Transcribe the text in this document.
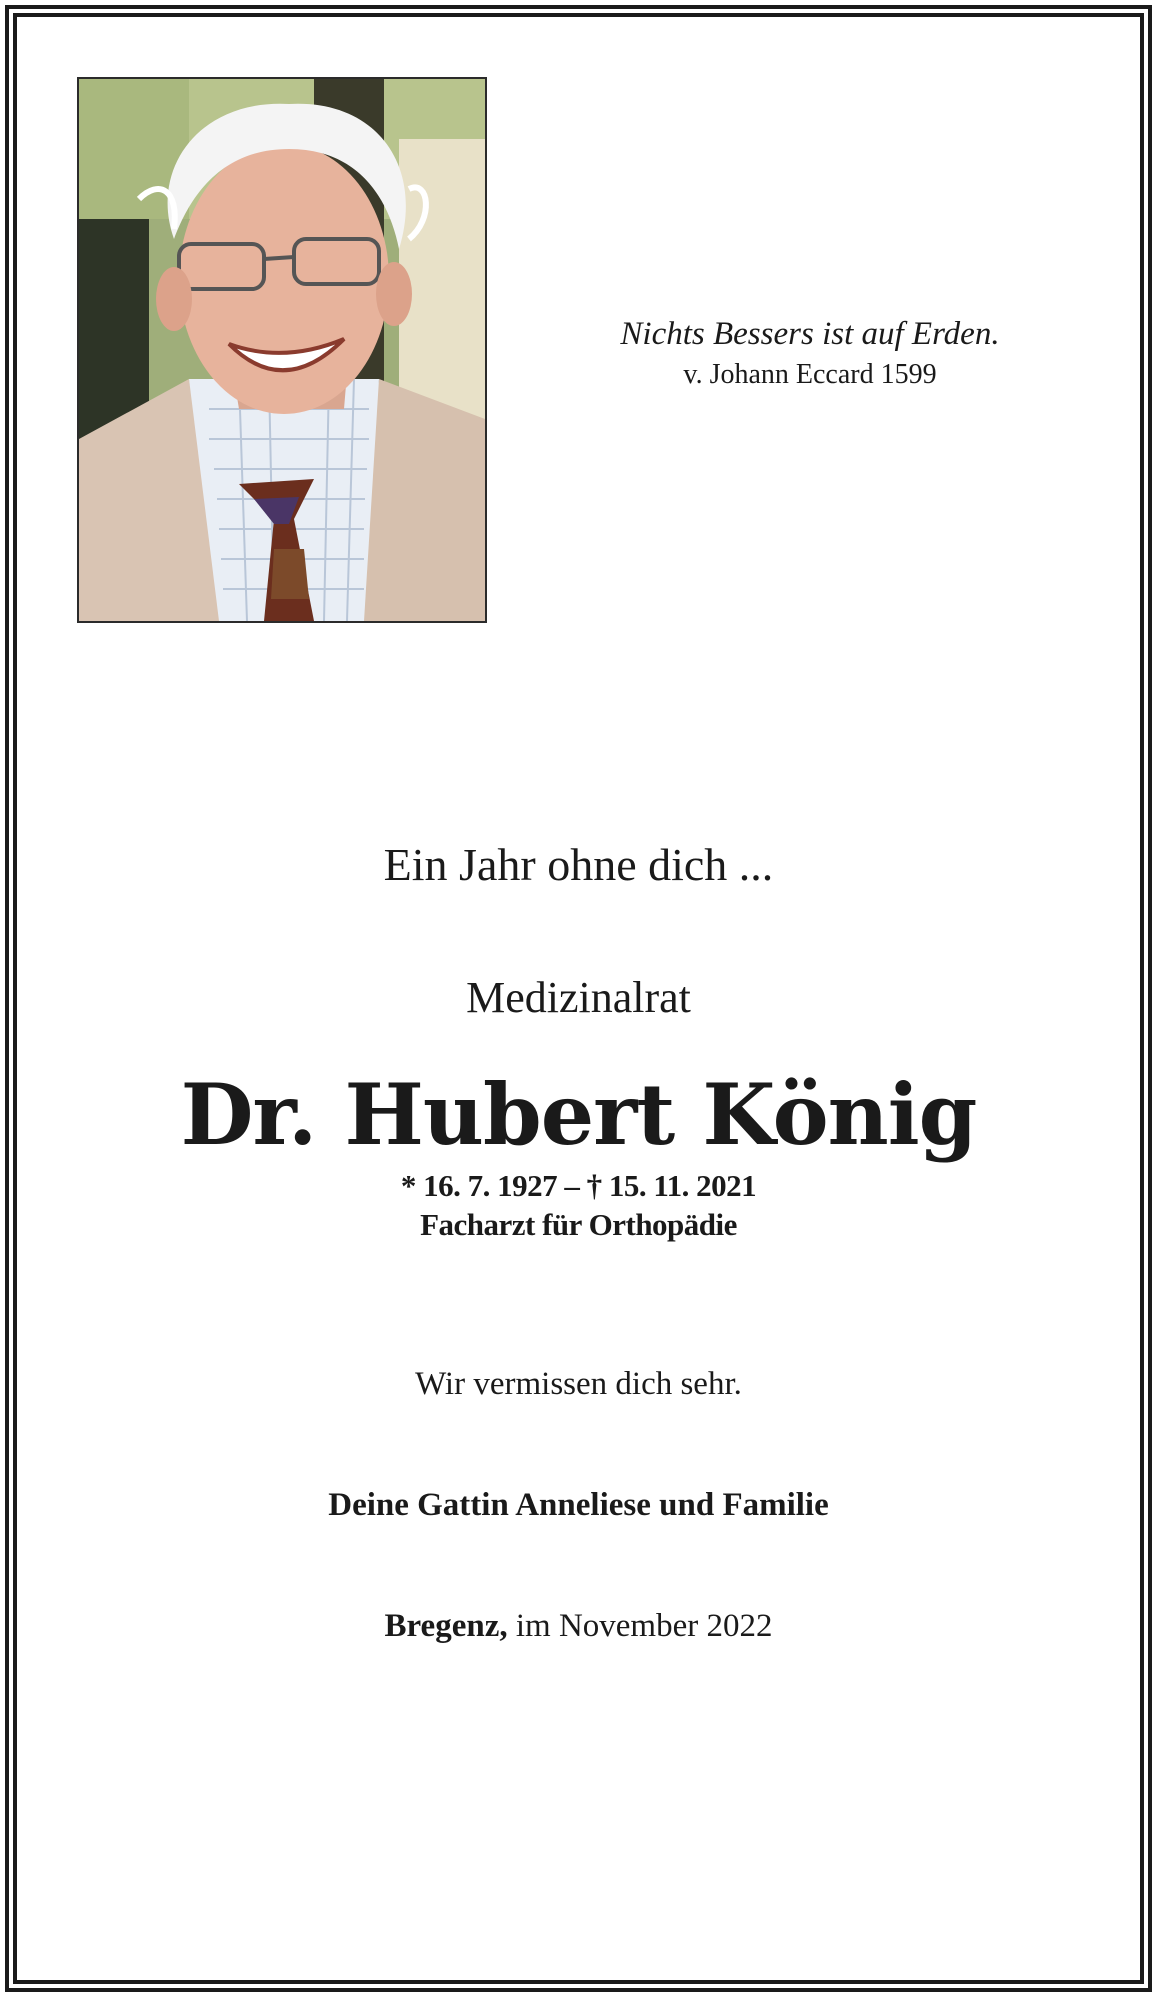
Nichts Bessers ist auf Erden.
v. Johann Eccard 1599
Ein Jahr ohne dich ...
Medizinalrat
Dr. Hubert König
* 16. 7. 1927 – † 15. 11. 2021
Facharzt für Orthopädie
Wir vermissen dich sehr.
Deine Gattin Anneliese und Familie
Bregenz, im November 2022
